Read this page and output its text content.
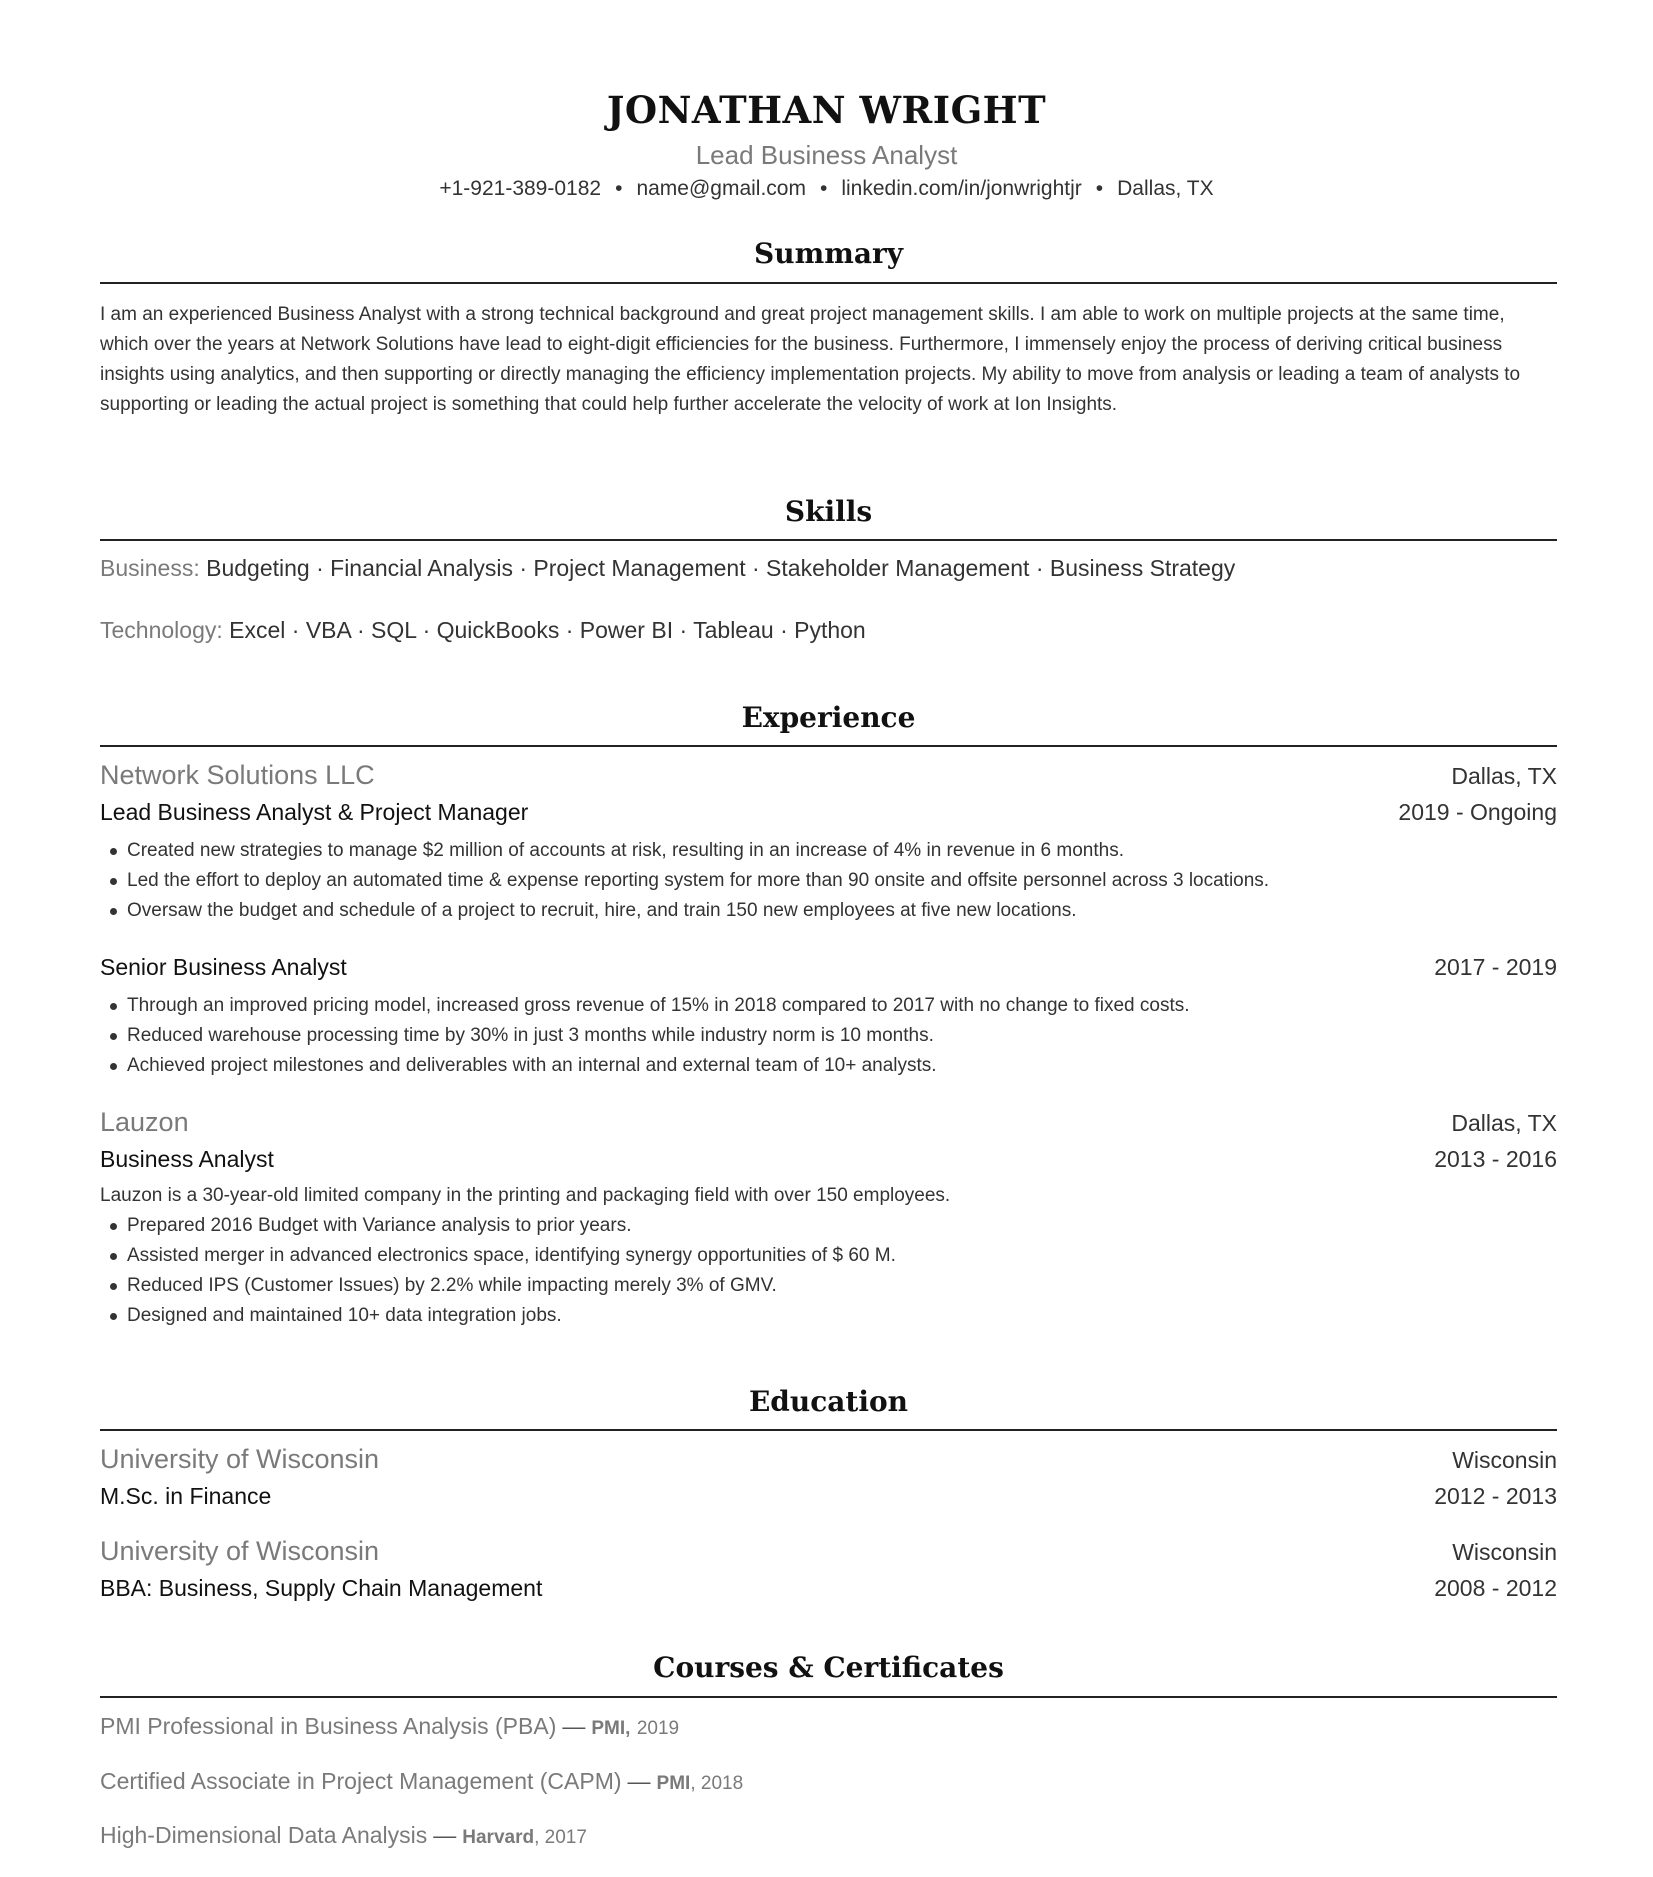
JONATHAN WRIGHT
Lead Business Analyst
+1-921-389-0182 • name@gmail.com • linkedin.com/in/jonwrightjr • Dallas, TX
Summary
I am an experienced Business Analyst with a strong technical background and great project management skills. I am able to work on multiple projects at the same time, which over the years at Network Solutions have lead to eight-digit efficiencies for the business. Furthermore, I immensely enjoy the process of deriving critical business insights using analytics, and then supporting or directly managing the efficiency implementation projects. My ability to move from analysis or leading a team of analysts to supporting or leading the actual project is something that could help further accelerate the velocity of work at Ion Insights.
Skills
Business: Budgeting · Financial Analysis · Project Management · Stakeholder Management · Business Strategy
Technology: Excel · VBA · SQL · QuickBooks · Power BI · Tableau · Python
Experience
Network Solutions LLC	Dallas, TX
Lead Business Analyst & Project Manager	2019 - Ongoing
Created new strategies to manage $2 million of accounts at risk, resulting in an increase of 4% in revenue in 6 months.
Led the effort to deploy an automated time & expense reporting system for more than 90 onsite and offsite personnel across 3 locations.
Oversaw the budget and schedule of a project to recruit, hire, and train 150 new employees at five new locations.
Senior Business Analyst	2017 - 2019
Through an improved pricing model, increased gross revenue of 15% in 2018 compared to 2017 with no change to fixed costs.
Reduced warehouse processing time by 30% in just 3 months while industry norm is 10 months.
Achieved project milestones and deliverables with an internal and external team of 10+ analysts.
Lauzon	Dallas, TX
Business Analyst	2013 - 2016
Lauzon is a 30-year-old limited company in the printing and packaging field with over 150 employees.
Prepared 2016 Budget with Variance analysis to prior years.
Assisted merger in advanced electronics space, identifying synergy opportunities of $ 60 M.
Reduced IPS (Customer Issues) by 2.2% while impacting merely 3% of GMV.
Designed and maintained 10+ data integration jobs.
Education
University of Wisconsin	Wisconsin
M.Sc. in Finance	2012 - 2013
University of Wisconsin	Wisconsin
BBA: Business, Supply Chain Management	2008 - 2012
Courses & Certificates
PMI Professional in Business Analysis (PBA) — PMI, 2019
Certified Associate in Project Management (CAPM) — PMI, 2018
High-Dimensional Data Analysis — Harvard, 2017
